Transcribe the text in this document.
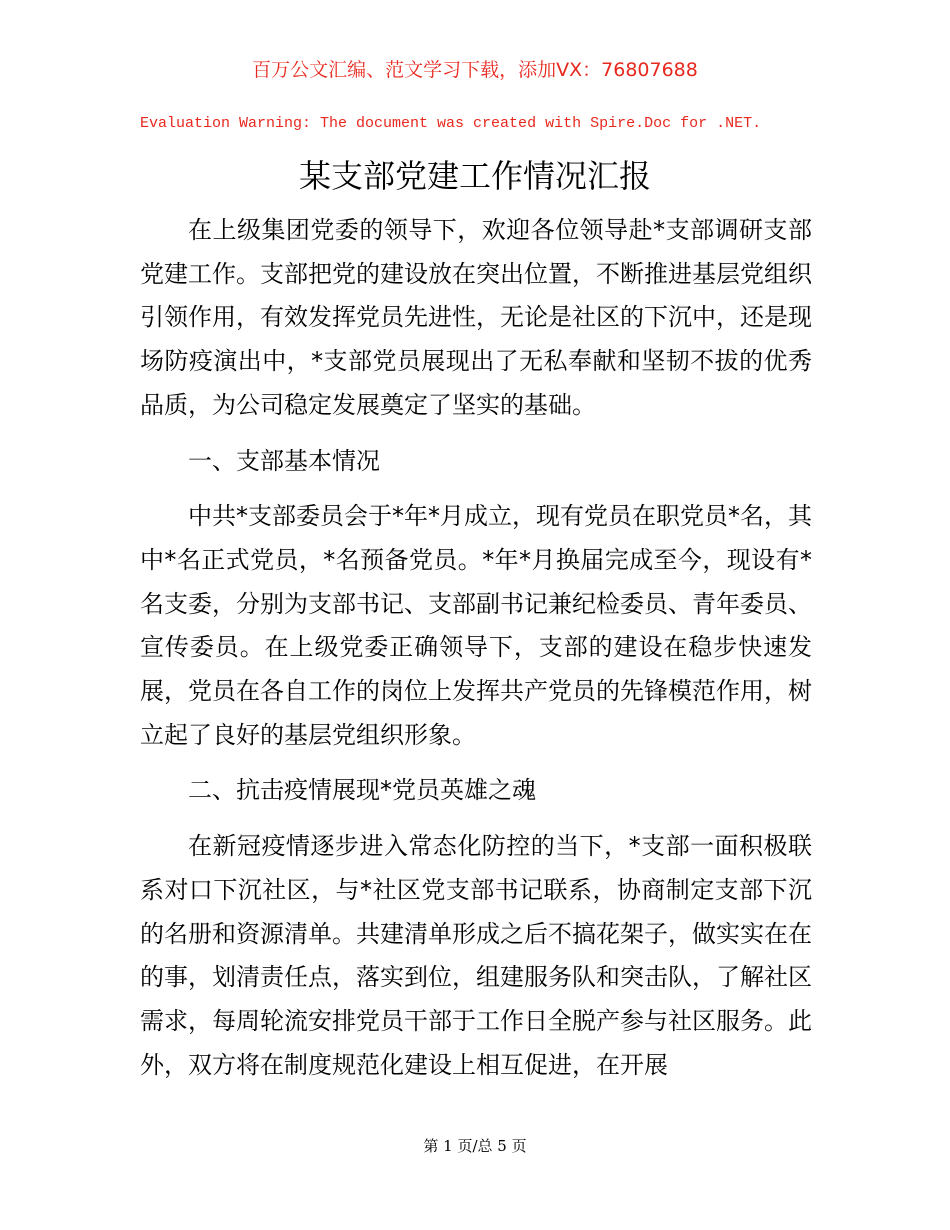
百万公文汇编、范文学习下载，添加VX：76807688
Evaluation Warning: The document was created with Spire.Doc for .NET.
某支部党建工作情况汇报

在上级集团党委的领导下，欢迎各位领导赴*支部调研支部党建工作。支部把党的建设放在突出位置，不断推进基层党组织引领作用，有效发挥党员先进性，无论是社区的下沉中，还是现场防疫演出中，*支部党员展现出了无私奉献和坚韧不拔的优秀品质，为公司稳定发展奠定了坚实的基础。

一、支部基本情况

中共*支部委员会于*年*月成立，现有党员在职党员*名，其中*名正式党员，*名预备党员。*年*月换届完成至今，现设有*名支委，分别为支部书记、支部副书记兼纪检委员、青年委员、宣传委员。在上级党委正确领导下，支部的建设在稳步快速发展，党员在各自工作的岗位上发挥共产党员的先锋模范作用，树立起了良好的基层党组织形象。

二、抗击疫情展现*党员英雄之魂

在新冠疫情逐步进入常态化防控的当下，*支部一面积极联系对口下沉社区，与*社区党支部书记联系，协商制定支部下沉的名册和资源清单。共建清单形成之后不搞花架子，做实实在在的事，划清责任点，落实到位，组建服务队和突击队，了解社区需求，每周轮流安排党员干部于工作日全脱产参与社区服务。此外，双方将在制度规范化建设上相互促进，在开展

第 1 页/总 5 页
